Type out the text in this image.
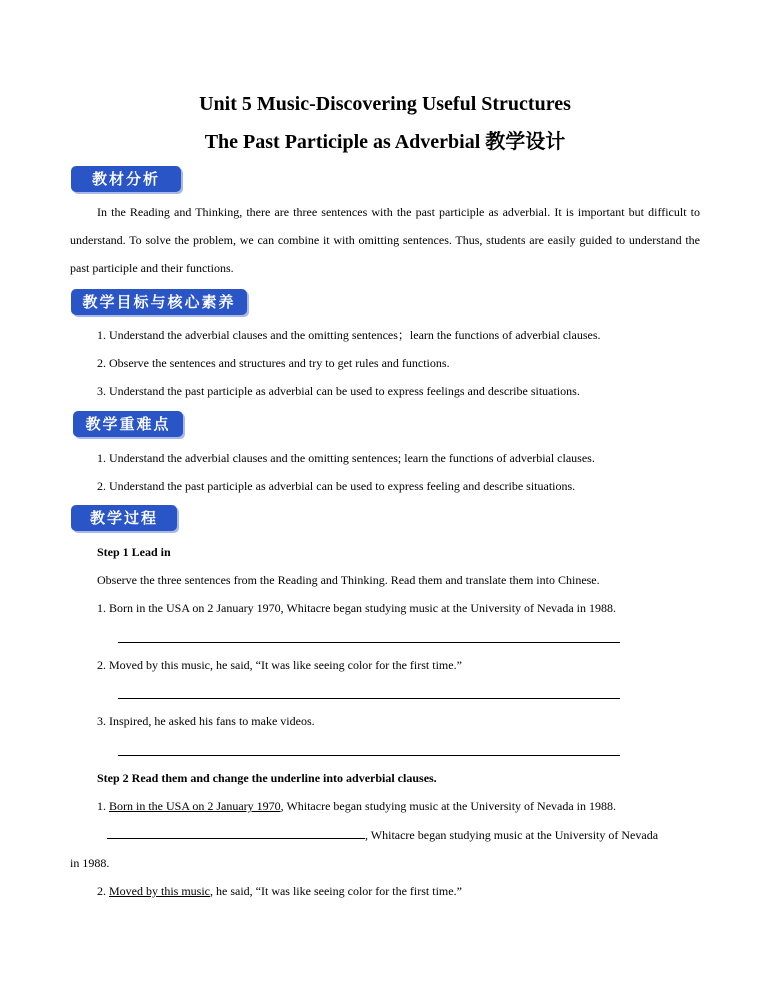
Unit 5 Music-Discovering Useful Structures
The Past Participle as Adverbial 教学设计
教材分析
In the Reading and Thinking, there are three sentences with the past participle as adverbial. It is important but difficult to understand. To solve the problem, we can combine it with omitting sentences. Thus, students are easily guided to understand the past participle and their functions.
教学目标与核心素养
1. Understand the adverbial clauses and the omitting sentences；learn the functions of adverbial clauses.
2. Observe the sentences and structures and try to get rules and functions.
3. Understand the past participle as adverbial can be used to express feelings and describe situations.
教学重难点
1. Understand the adverbial clauses and the omitting sentences; learn the functions of adverbial clauses.
2. Understand the past participle as adverbial can be used to express feeling and describe situations.
教学过程
Step 1 Lead in
Observe the three sentences from the Reading and Thinking. Read them and translate them into Chinese.
1. Born in the USA on 2 January 1970, Whitacre began studying music at the University of Nevada in 1988.
2. Moved by this music, he said, “It was like seeing color for the first time.”
3. Inspired, he asked his fans to make videos.
Step 2 Read them and change the underline into adverbial clauses.
1. Born in the USA on 2 January 1970, Whitacre began studying music at the University of Nevada in 1988.
, Whitacre began studying music at the University of Nevada
in 1988.
2. Moved by this music, he said, “It was like seeing color for the first time.”
